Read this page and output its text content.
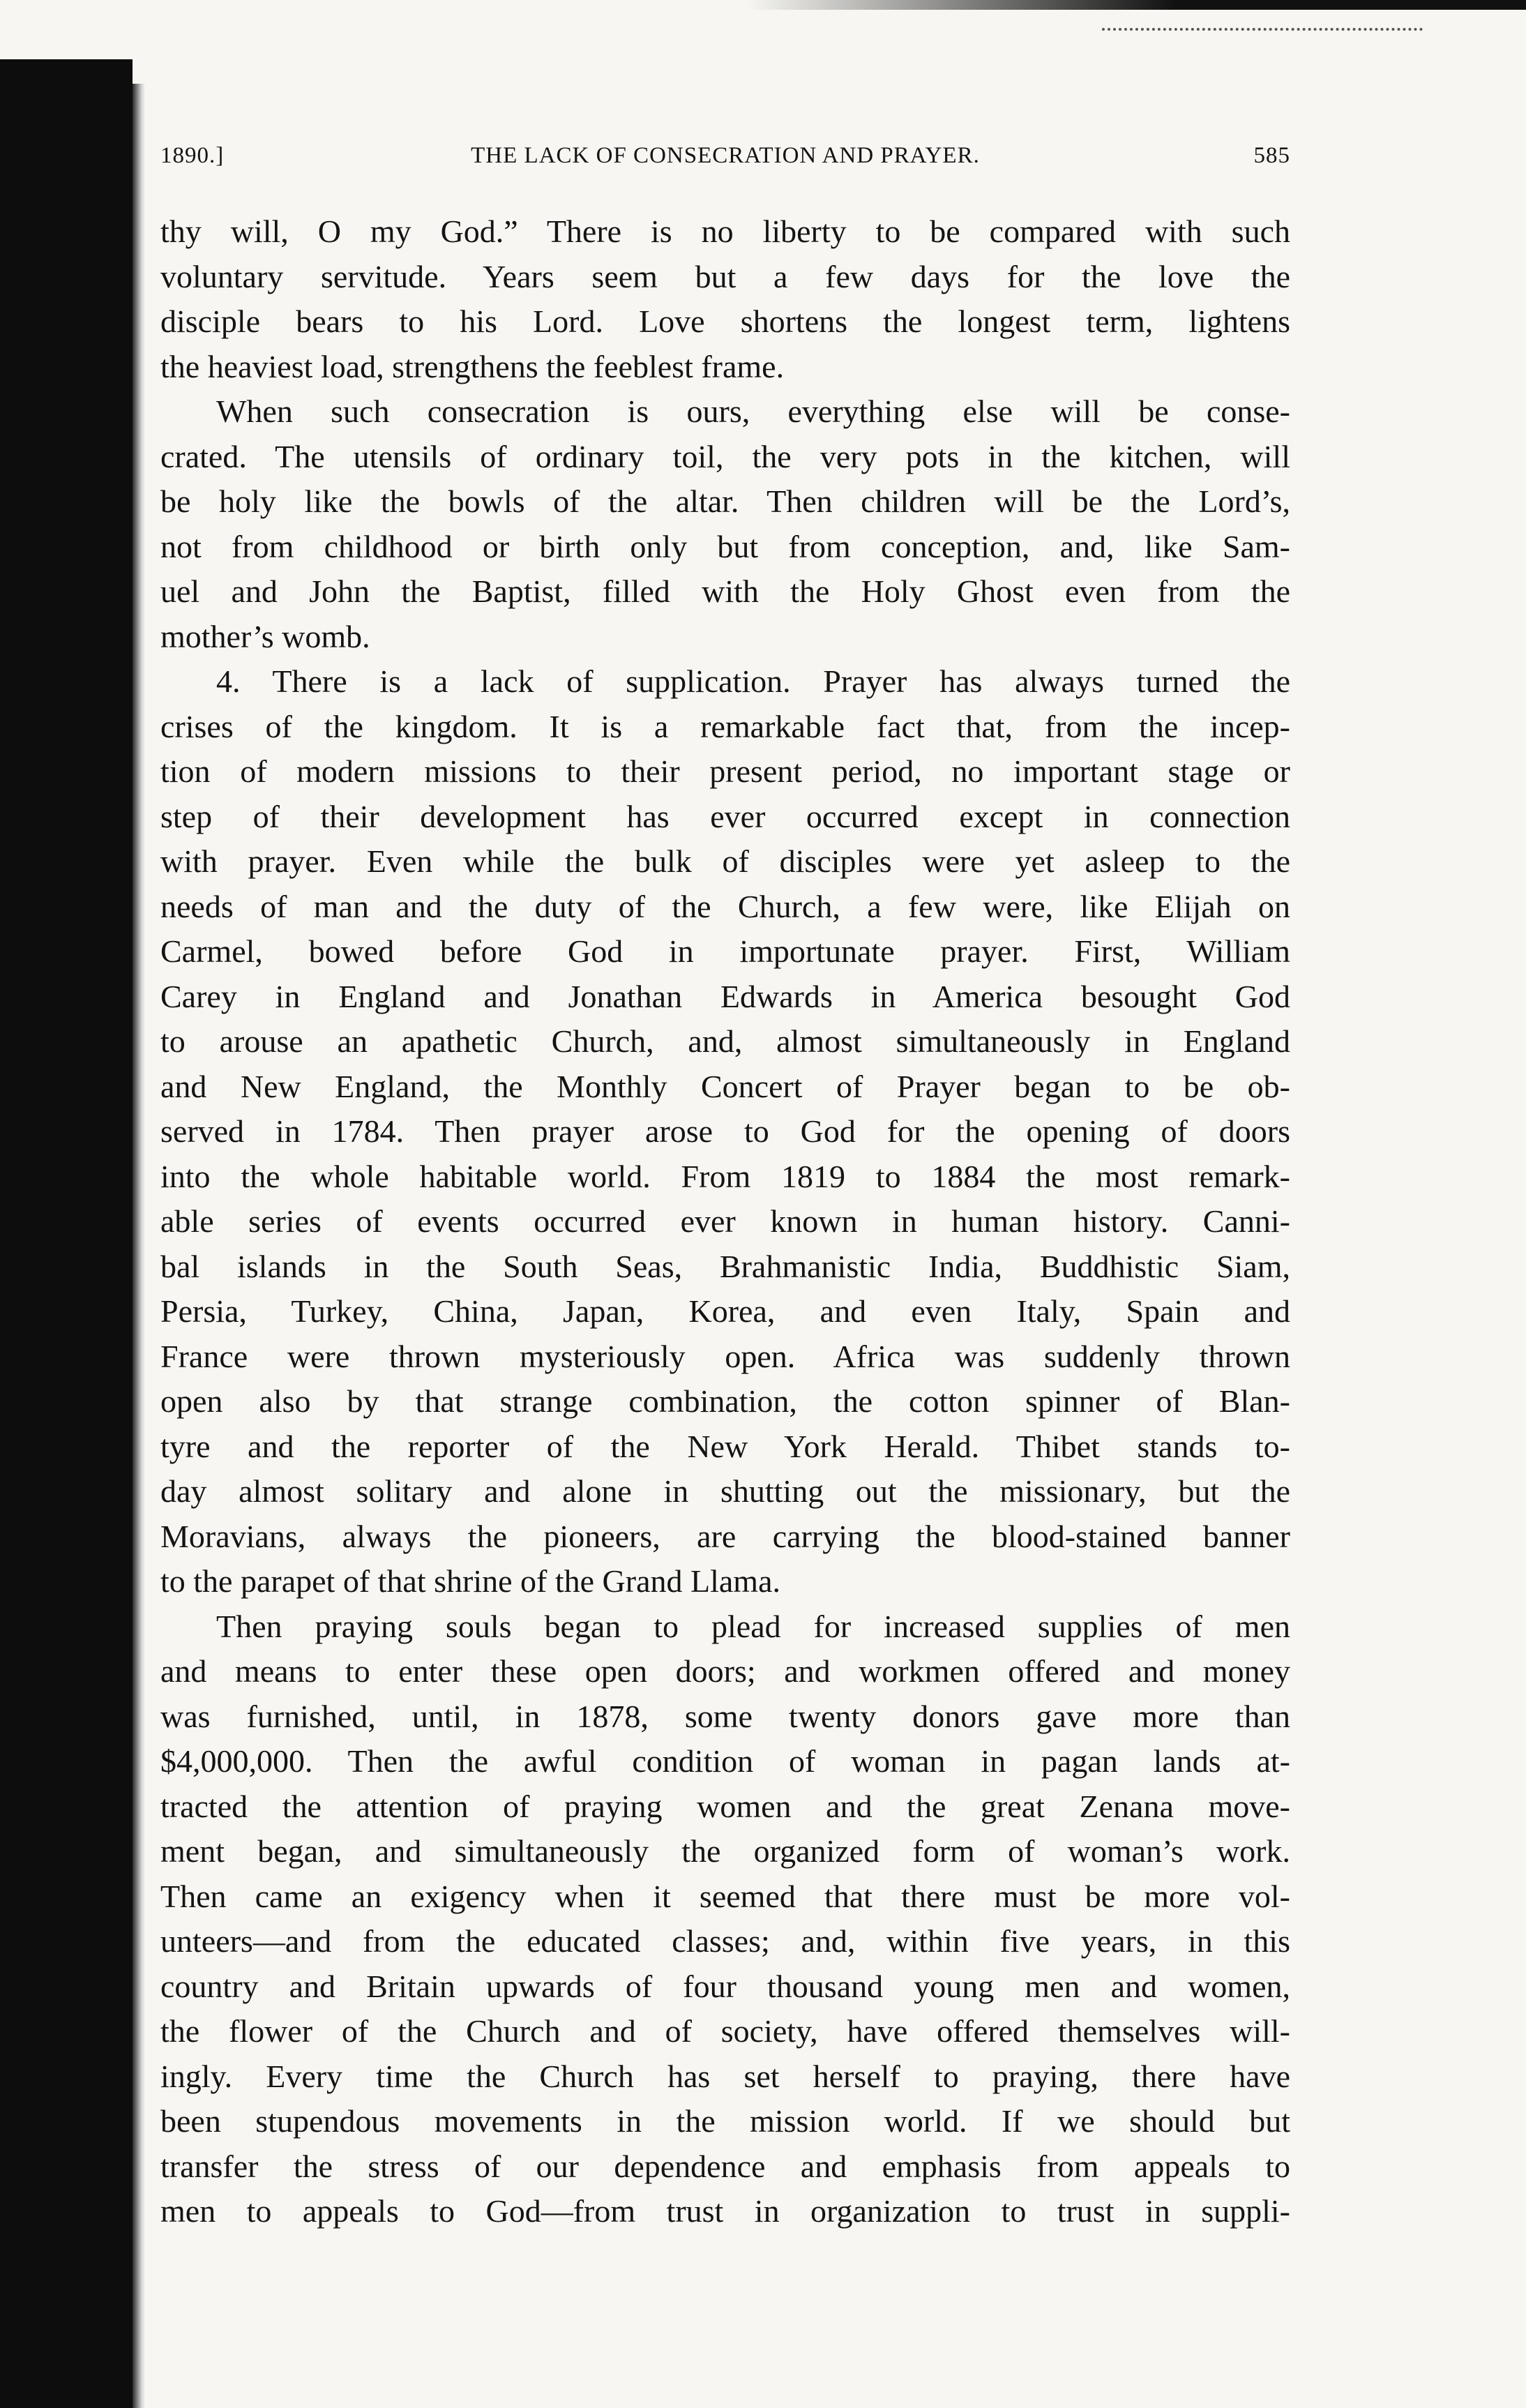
1890.]	THE LACK OF CONSECRATION AND PRAYER.	585
thy will, O my God.” There is no liberty to be compared with such
voluntary servitude. Years seem but a few days for the love the
disciple bears to his Lord. Love shortens the longest term, lightens
the heaviest load, strengthens the feeblest frame.
When such consecration is ours, everything else will be conse-
crated. The utensils of ordinary toil, the very pots in the kitchen, will
be holy like the bowls of the altar. Then children will be the Lord’s,
not from childhood or birth only but from conception, and, like Sam-
uel and John the Baptist, filled with the Holy Ghost even from the
mother’s womb.
4. There is a lack of supplication. Prayer has always turned the
crises of the kingdom. It is a remarkable fact that, from the incep-
tion of modern missions to their present period, no important stage or
step of their development has ever occurred except in connection
with prayer. Even while the bulk of disciples were yet asleep to the
needs of man and the duty of the Church, a few were, like Elijah on
Carmel, bowed before God in importunate prayer. First, William
Carey in England and Jonathan Edwards in America besought God
to arouse an apathetic Church, and, almost simultaneously in England
and New England, the Monthly Concert of Prayer began to be ob-
served in 1784. Then prayer arose to God for the opening of doors
into the whole habitable world. From 1819 to 1884 the most remark-
able series of events occurred ever known in human history. Canni-
bal islands in the South Seas, Brahmanistic India, Buddhistic Siam,
Persia, Turkey, China, Japan, Korea, and even Italy, Spain and
France were thrown mysteriously open. Africa was suddenly thrown
open also by that strange combination, the cotton spinner of Blan-
tyre and the reporter of the New York Herald. Thibet stands to-
day almost solitary and alone in shutting out the missionary, but the
Moravians, always the pioneers, are carrying the blood-stained banner
to the parapet of that shrine of the Grand Llama.
Then praying souls began to plead for increased supplies of men
and means to enter these open doors; and workmen offered and money
was furnished, until, in 1878, some twenty donors gave more than
$4,000,000. Then the awful condition of woman in pagan lands at-
tracted the attention of praying women and the great Zenana move-
ment began, and simultaneously the organized form of woman’s work.
Then came an exigency when it seemed that there must be more vol-
unteers—and from the educated classes; and, within five years, in this
country and Britain upwards of four thousand young men and women,
the flower of the Church and of society, have offered themselves will-
ingly. Every time the Church has set herself to praying, there have
been stupendous movements in the mission world. If we should but
transfer the stress of our dependence and emphasis from appeals to
men to appeals to God—from trust in organization to trust in suppli-
